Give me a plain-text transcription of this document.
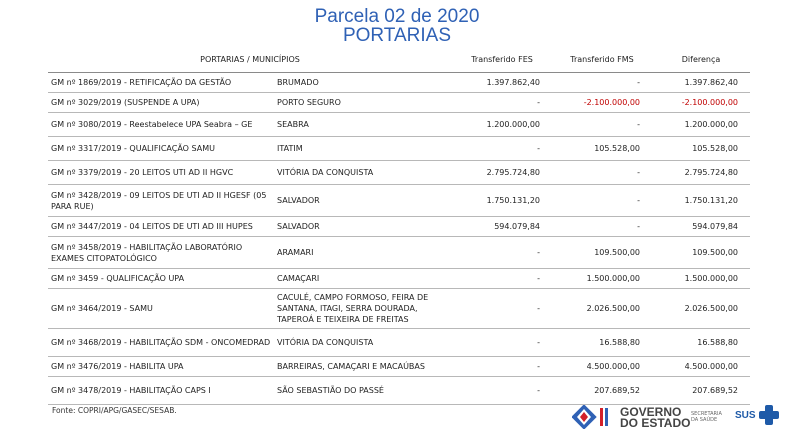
Parcela 02 de 2020
PORTARIAS
PORTARIAS / MUNICÍPIOS		Transferido FES	Transferido FMS	Diferença
GM nº 1869/2019 - RETIFICAÇÃO DA GESTÃO	BRUMADO	1.397.862,40	-	1.397.862,40
GM nº 3029/2019 (SUSPENDE A UPA)	PORTO SEGURO	-	-2.100.000,00	-2.100.000,00
GM nº 3080/2019 - Reestabelece UPA Seabra – GE	SEABRA	1.200.000,00	-	1.200.000,00
GM nº 3317/2019 - QUALIFICAÇÃO SAMU	ITATIM	-	105.528,00	105.528,00
GM nº 3379/2019 - 20 LEITOS UTI AD II HGVC	VITÓRIA DA CONQUISTA	2.795.724,80	-	2.795.724,80
GM nº 3428/2019 - 09 LEITOS DE UTI AD II HGESF (05 PARA RUE)	SALVADOR	1.750.131,20	-	1.750.131,20
GM nº 3447/2019 - 04 LEITOS DE UTI AD III HUPES	SALVADOR	594.079,84	-	594.079,84
GM nº 3458/2019 - HABILITAÇÃO LABORATÓRIO EXAMES CITOPATOLÓGICO	ARAMARI	-	109.500,00	109.500,00
GM nº 3459 - QUALIFICAÇÃO UPA	CAMAÇARI	-	1.500.000,00	1.500.000,00
GM nº 3464/2019 - SAMU	CACULÉ, CAMPO FORMOSO, FEIRA DE SANTANA, ITAGI, SERRA DOURADA, TAPEROÁ E TEIXEIRA DE FREITAS	-	2.026.500,00	2.026.500,00
GM nº 3468/2019 - HABILITAÇÃO SDM - ONCOMEDRAD	VITÓRIA DA CONQUISTA	-	16.588,80	16.588,80
GM nº 3476/2019 - HABILITA UPA	BARREIRAS, CAMAÇARI E MACAÚBAS	-	4.500.000,00	4.500.000,00
GM nº 3478/2019 - HABILITAÇÃO CAPS I	SÃO SEBASTIÃO DO PASSÉ	-	207.689,52	207.689,52
Fonte: COPRI/APG/GASEC/SESAB.	GOVERNO
DO ESTADO
SECRETARIA
DA SAÚDE	SUS
